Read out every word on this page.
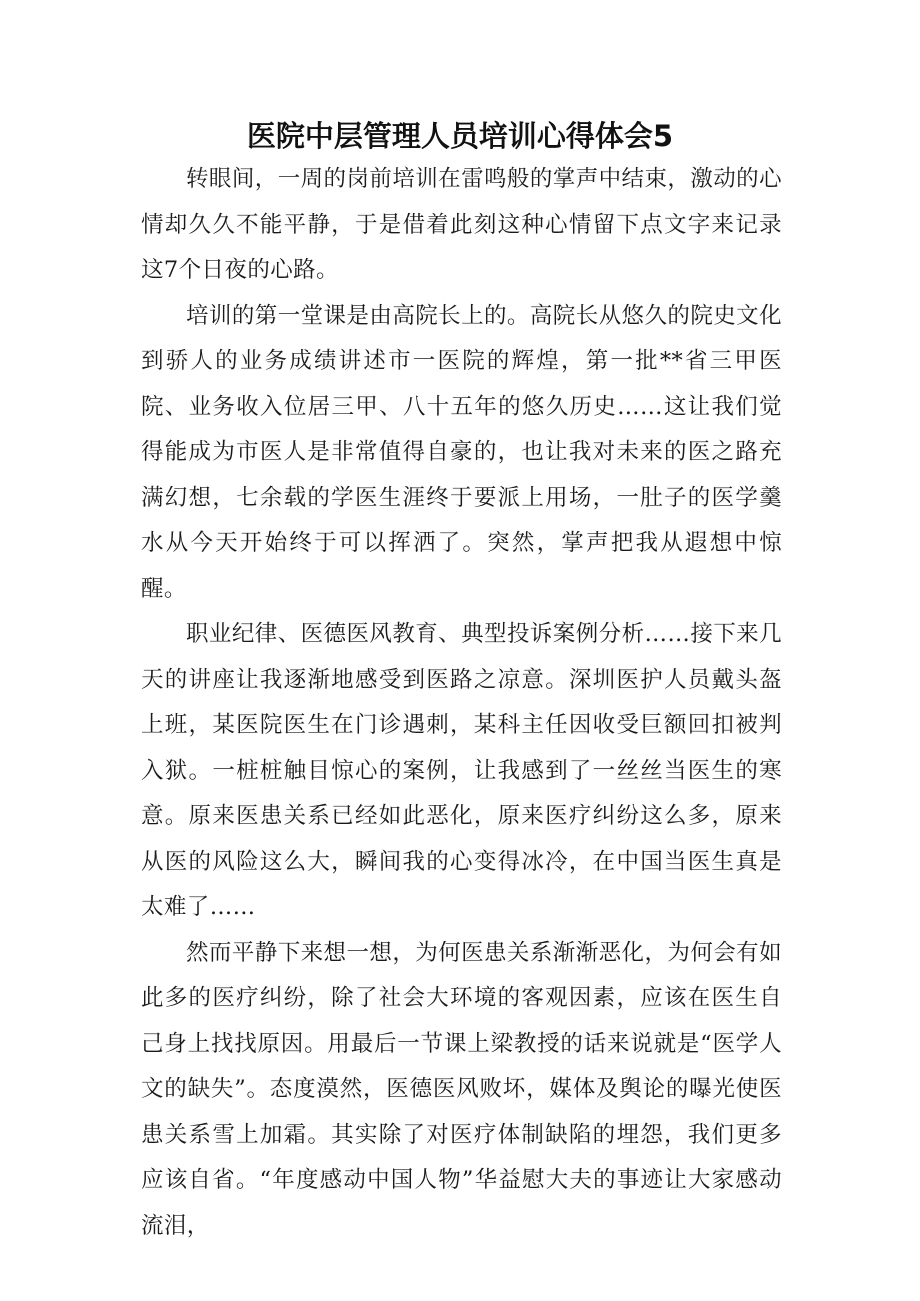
医院中层管理人员培训心得体会5

转眼间，一周的岗前培训在雷鸣般的掌声中结束，激动的心情却久久不能平静，于是借着此刻这种心情留下点文字来记录这7个日夜的心路。

培训的第一堂课是由高院长上的。高院长从悠久的院史文化到骄人的业务成绩讲述市一医院的辉煌，第一批**省三甲医院、业务收入位居三甲、八十五年的悠久历史……这让我们觉得能成为市医人是非常值得自豪的，也让我对未来的医之路充满幻想，七余载的学医生涯终于要派上用场，一肚子的医学羹水从今天开始终于可以挥洒了。突然，掌声把我从遐想中惊醒。

职业纪律、医德医风教育、典型投诉案例分析……接下来几天的讲座让我逐渐地感受到医路之凉意。深圳医护人员戴头盔上班，某医院医生在门诊遇刺，某科主任因收受巨额回扣被判入狱。一桩桩触目惊心的案例，让我感到了一丝丝当医生的寒意。原来医患关系已经如此恶化，原来医疗纠纷这么多，原来从医的风险这么大，瞬间我的心变得冰冷，在中国当医生真是太难了……

然而平静下来想一想，为何医患关系渐渐恶化，为何会有如此多的医疗纠纷，除了社会大环境的客观因素，应该在医生自己身上找找原因。用最后一节课上梁教授的话来说就是“医学人文的缺失”。态度漠然，医德医风败坏，媒体及舆论的曝光使医患关系雪上加霜。其实除了对医疗体制缺陷的埋怨，我们更多应该自省。“年度感动中国人物”华益慰大夫的事迹让大家感动流泪，
